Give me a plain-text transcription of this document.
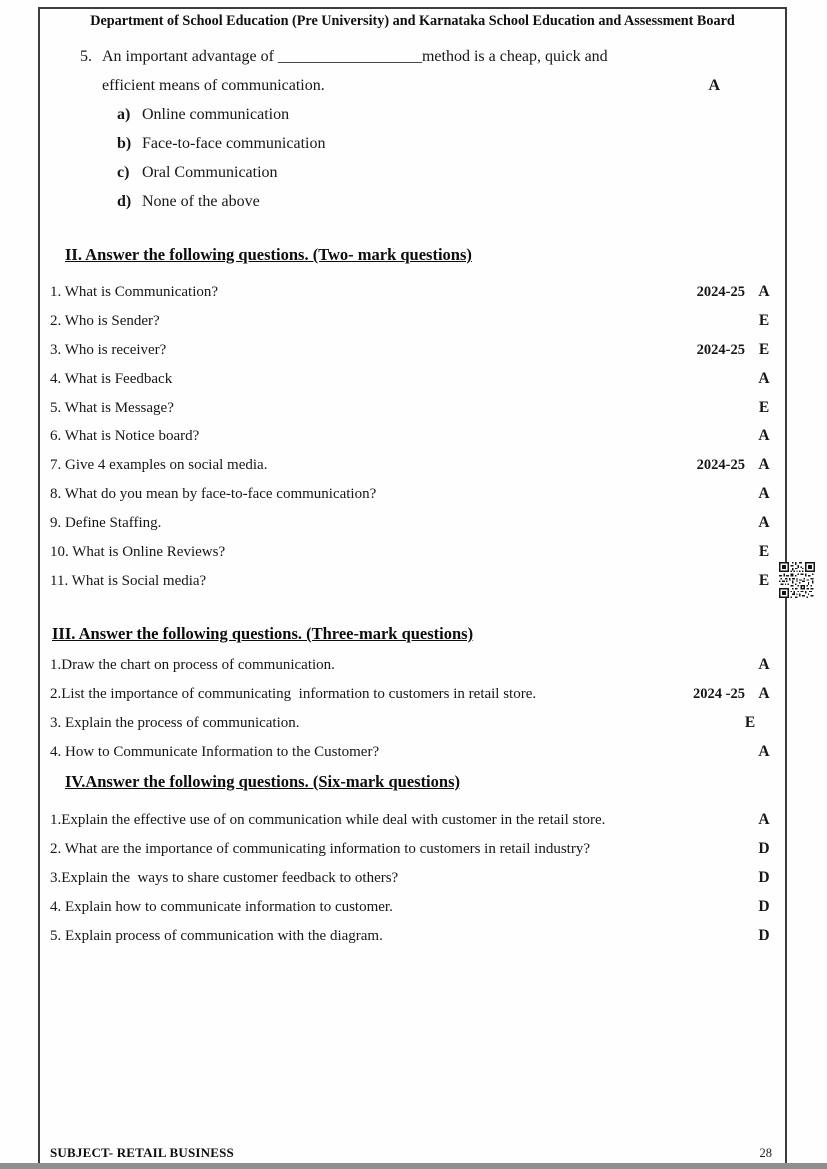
Department of School Education (Pre University) and Karnataka School Education and Assessment Board
5. An important advantage of __________________method is a cheap, quick and
efficient means of communication.	A
a) Online communication
b) Face-to-face communication
c) Oral Communication
d) None of the above
II. Answer the following questions. (Two- mark questions)
1. What is Communication?	2024-25 A
2. Who is Sender?	E
3. Who is receiver?	2024-25 E
4. What is Feedback	A
5. What is Message?	E
6. What is Notice board?	A
7. Give 4 examples on social media.	2024-25 A
8. What do you mean by face-to-face communication?	A
9. Define Staffing.	A
10. What is Online Reviews?	E
11. What is Social media?	E
III. Answer the following questions. (Three-mark questions)
1.Draw the chart on process of communication.	A
2.List the importance of communicating  information to customers in retail store.	2024 -25 A
3. Explain the process of communication.	E
4. How to Communicate Information to the Customer?	A
IV.Answer the following questions. (Six-mark questions)
1.Explain the effective use of on communication while deal with customer in the retail store.	A
2. What are the importance of communicating information to customers in retail industry?	D
3.Explain the  ways to share customer feedback to others?	D
4. Explain how to communicate information to customer.	D
5. Explain process of communication with the diagram.	D
SUBJECT- RETAIL BUSINESS	28
